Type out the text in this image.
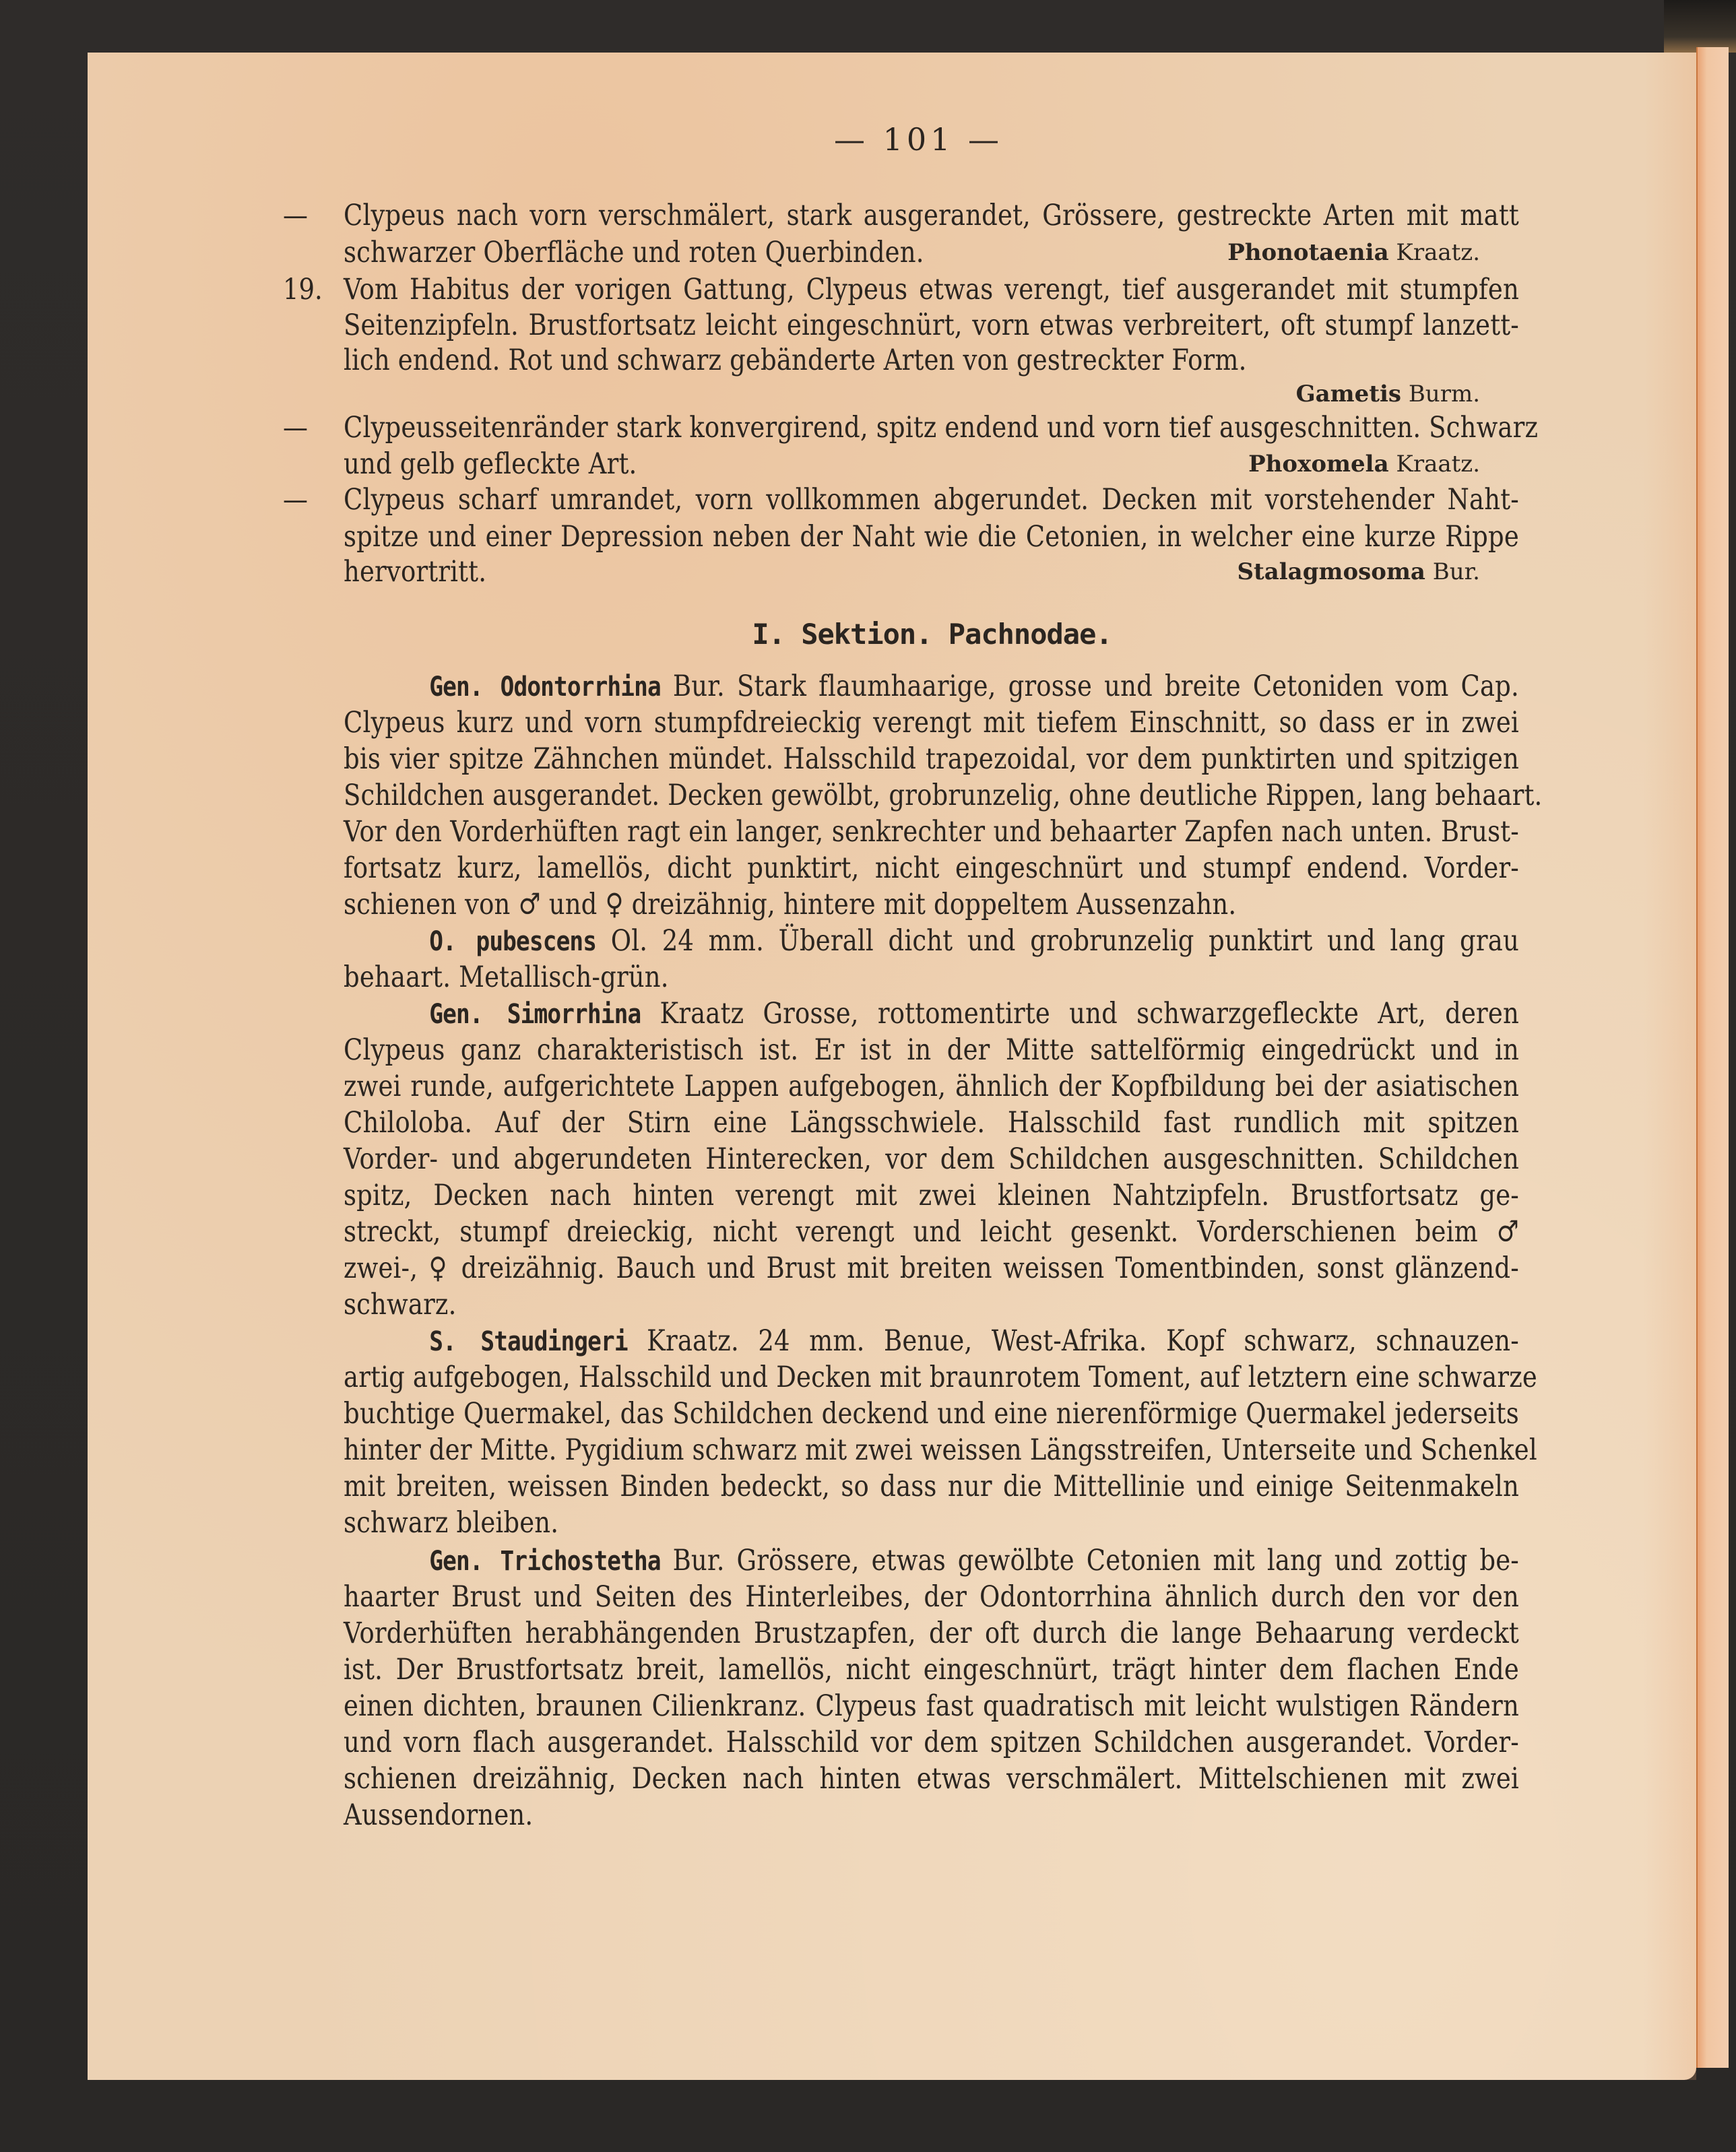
— 101 —
— Clypeus nach vorn verschmälert, stark ausgerandet, Grössere, gestreckte Arten mit matt
schwarzer Oberfläche und roten Querbinden.	Phonotaenia Kraatz.
19. Vom Habitus der vorigen Gattung, Clypeus etwas verengt, tief ausgerandet mit stumpfen
Seitenzipfeln. Brustfortsatz leicht eingeschnürt, vorn etwas verbreitert, oft stumpf lanzett-
lich endend. Rot und schwarz gebänderte Arten von gestreckter Form.
Gametis Burm.
— Clypeusseitenränder stark konvergirend, spitz endend und vorn tief ausgeschnitten. Schwarz
und gelb gefleckte Art.	Phoxomela Kraatz.
— Clypeus scharf umrandet, vorn vollkommen abgerundet. Decken mit vorstehender Naht-
spitze und einer Depression neben der Naht wie die Cetonien, in welcher eine kurze Rippe
hervortritt.	Stalagmosoma Bur.
I. Sektion. Pachnodae.
Gen. Odontorrhina Bur. Stark flaumhaarige, grosse und breite Cetoniden vom Cap.
Clypeus kurz und vorn stumpfdreieckig verengt mit tiefem Einschnitt, so dass er in zwei
bis vier spitze Zähnchen mündet. Halsschild trapezoidal, vor dem punktirten und spitzigen
Schildchen ausgerandet. Decken gewölbt, grobrunzelig, ohne deutliche Rippen, lang behaart.
Vor den Vorderhüften ragt ein langer, senkrechter und behaarter Zapfen nach unten. Brust-
fortsatz kurz, lamellös, dicht punktirt, nicht eingeschnürt und stumpf endend. Vorder-
schienen von ♂ und ♀ dreizähnig, hintere mit doppeltem Aussenzahn.
O. pubescens Ol. 24 mm. Überall dicht und grobrunzelig punktirt und lang grau
behaart. Metallisch-grün.
Gen. Simorrhina Kraatz Grosse, rottomentirte und schwarzgefleckte Art, deren
Clypeus ganz charakteristisch ist. Er ist in der Mitte sattelförmig eingedrückt und in
zwei runde, aufgerichtete Lappen aufgebogen, ähnlich der Kopfbildung bei der asiatischen
Chiloloba. Auf der Stirn eine Längsschwiele. Halsschild fast rundlich mit spitzen
Vorder- und abgerundeten Hinterecken, vor dem Schildchen ausgeschnitten. Schildchen
spitz, Decken nach hinten verengt mit zwei kleinen Nahtzipfeln. Brustfortsatz ge-
streckt, stumpf dreieckig, nicht verengt und leicht gesenkt. Vorderschienen beim ♂
zwei-, ♀ dreizähnig. Bauch und Brust mit breiten weissen Tomentbinden, sonst glänzend-
schwarz.
S. Staudingeri Kraatz. 24 mm. Benue, West-Afrika. Kopf schwarz, schnauzen-
artig aufgebogen, Halsschild und Decken mit braunrotem Toment, auf letztern eine schwarze
buchtige Quermakel, das Schildchen deckend und eine nierenförmige Quermakel jederseits
hinter der Mitte. Pygidium schwarz mit zwei weissen Längsstreifen, Unterseite und Schenkel
mit breiten, weissen Binden bedeckt, so dass nur die Mittellinie und einige Seitenmakeln
schwarz bleiben.
Gen. Trichostetha Bur. Grössere, etwas gewölbte Cetonien mit lang und zottig be-
haarter Brust und Seiten des Hinterleibes, der Odontorrhina ähnlich durch den vor den
Vorderhüften herabhängenden Brustzapfen, der oft durch die lange Behaarung verdeckt
ist. Der Brustfortsatz breit, lamellös, nicht eingeschnürt, trägt hinter dem flachen Ende
einen dichten, braunen Cilienkranz. Clypeus fast quadratisch mit leicht wulstigen Rändern
und vorn flach ausgerandet. Halsschild vor dem spitzen Schildchen ausgerandet. Vorder-
schienen dreizähnig, Decken nach hinten etwas verschmälert. Mittelschienen mit zwei
Aussendornen.
